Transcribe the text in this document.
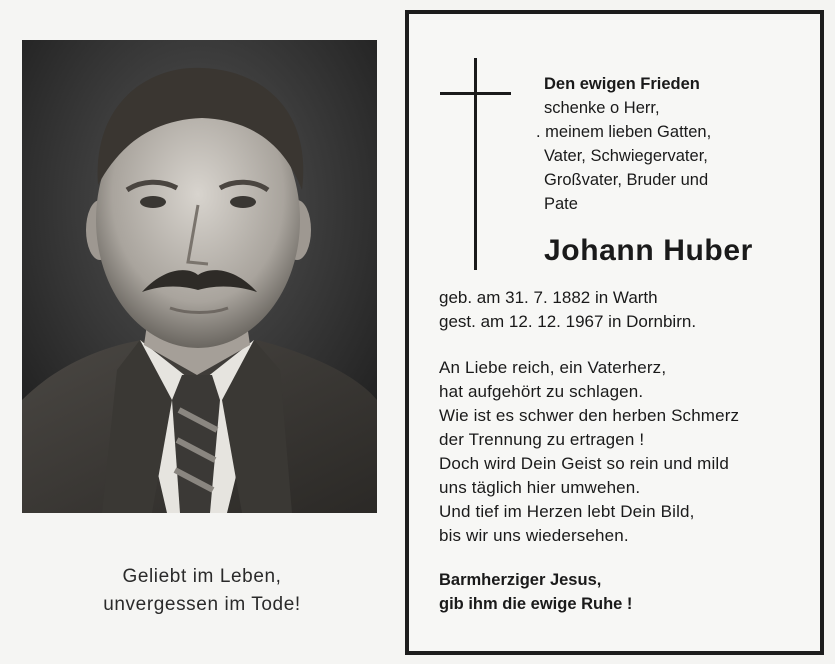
Geliebt im Leben,
unvergessen im Tode!
Den ewigen Frieden
schenke o Herr,
. meinem lieben Gatten,
Vater, Schwiegervater,
Großvater, Bruder und
Pate
Johann Huber
geb. am 31. 7. 1882 in Warth
gest. am 12. 12. 1967 in Dornbirn.
An Liebe reich, ein Vaterherz,
hat aufgehört zu schlagen.
Wie ist es schwer den herben Schmerz
der Trennung zu ertragen !
Doch wird Dein Geist so rein und mild
uns täglich hier umwehen.
Und tief im Herzen lebt Dein Bild,
bis wir uns wiedersehen.
Barmherziger Jesus,
gib ihm die ewige Ruhe !
